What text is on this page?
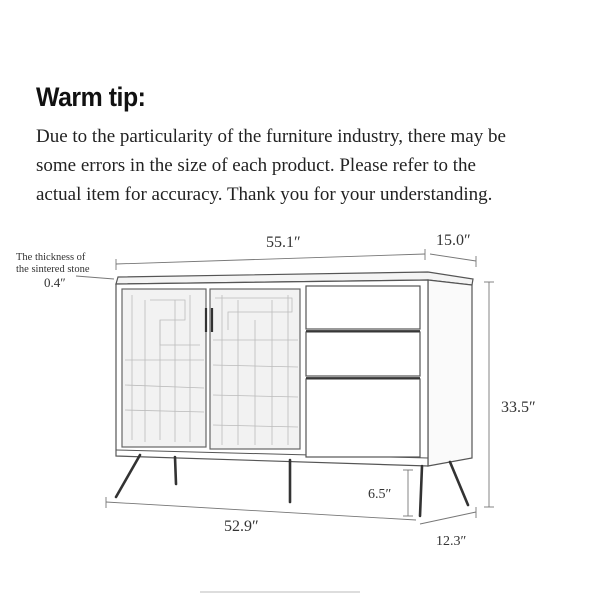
Warm tip:
Due to the particularity of the furniture industry, there may be
some errors in the size of each product. Please refer to the
actual item for accuracy. Thank you for your understanding.
55.1″	15.0″
33.5″
6.5″
52.9″
12.3″
The thickness of
the sintered stone
0.4″
